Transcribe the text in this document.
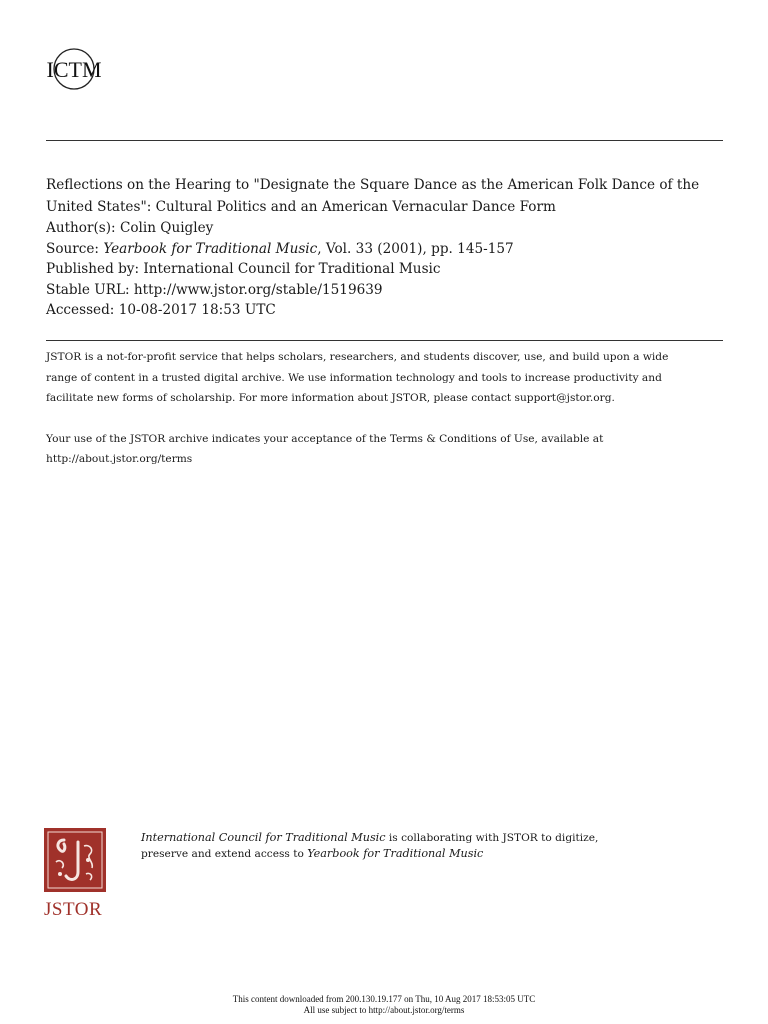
ICTM
Reflections on the Hearing to "Designate the Square Dance as the American Folk Dance of the United States": Cultural Politics and an American Vernacular Dance Form
Author(s): Colin Quigley
Source: Yearbook for Traditional Music, Vol. 33 (2001), pp. 145-157
Published by: International Council for Traditional Music
Stable URL: http://www.jstor.org/stable/1519639
Accessed: 10-08-2017 18:53 UTC

JSTOR is a not-for-profit service that helps scholars, researchers, and students discover, use, and build upon a wide
range of content in a trusted digital archive. We use information technology and tools to increase productivity and
facilitate new forms of scholarship. For more information about JSTOR, please contact support@jstor.org.

Your use of the JSTOR archive indicates your acceptance of the Terms & Conditions of Use, available at
http://about.jstor.org/terms

JSTOR
International Council for Traditional Music is collaborating with JSTOR to digitize,
preserve and extend access to Yearbook for Traditional Music
This content downloaded from 200.130.19.177 on Thu, 10 Aug 2017 18:53:05 UTC
All use subject to http://about.jstor.org/terms
